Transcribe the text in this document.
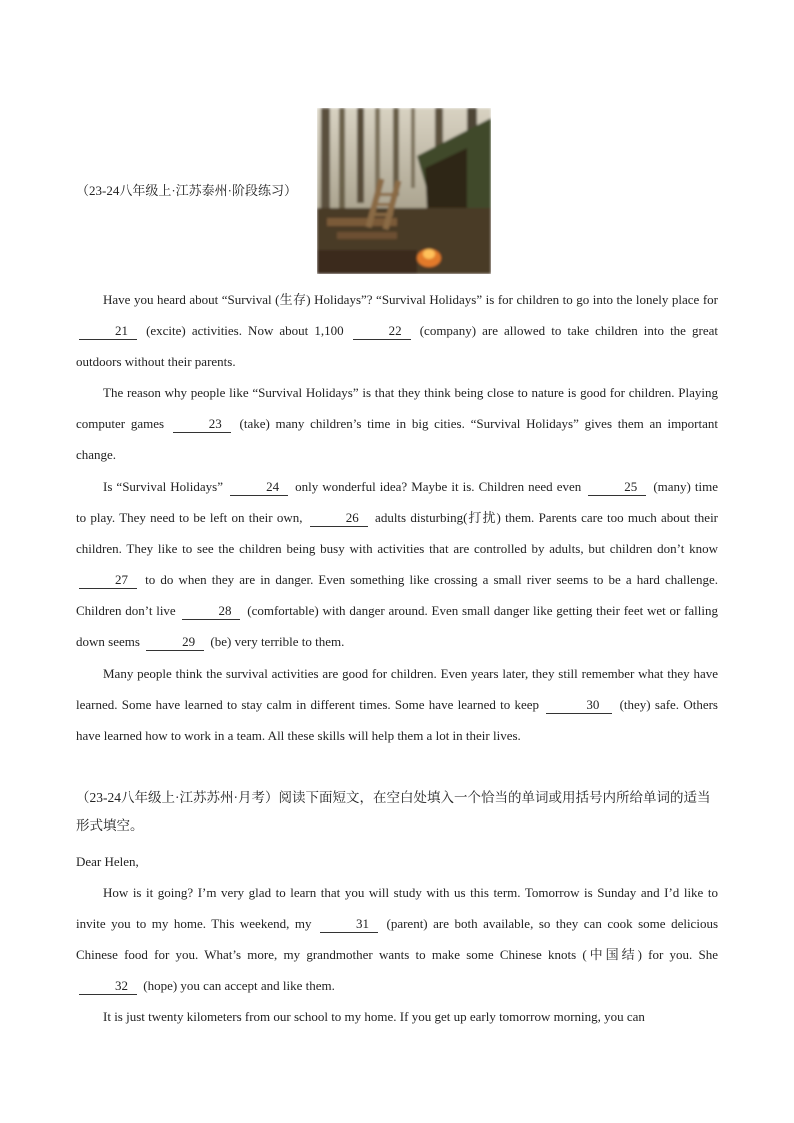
（23-24八年级上·江苏泰州·阶段练习）

Have you heard about “Survival (生存) Holidays”? “Survival Holidays” is for children to go into the lonely place for 21 (excite) activities. Now about 1,100	22 (company) are allowed to take children into the great outdoors without their parents.

The reason why people like “Survival Holidays” is that they think being close to nature is good for children. Playing computer games	23 (take) many children’s time in big cities. “Survival Holidays” gives them an important change.

Is “Survival Holidays”	24 only wonderful idea? Maybe it is. Children need even	25 (many) time to play. They need to be left on their own,	26 adults disturbing(打扰) them. Parents care too much about their children. They like to see the children being busy with activities that are controlled by adults, but children don’t know 27 to do when they are in danger. Even something like crossing a small river seems to be a hard challenge. Children don’t live	28 (comfortable) with danger around. Even small danger like getting their feet wet or falling down seems	29 (be) very terrible to them.

Many people think the survival activities are good for children. Even years later, they still remember what they have learned. Some have learned to stay calm in different times. Some have learned to keep	30 (they) safe. Others have learned how to work in a team. All these skills will help them a lot in their lives.

（23-24八年级上·江苏苏州·月考）阅读下面短文，在空白处填入一个恰当的单词或用括号内所给单词的适当形式填空。

Dear Helen,

How is it going? I’m very glad to learn that you will study with us this term. Tomorrow is Sunday and I’d like to invite you to my home. This weekend, my	31 (parent) are both available, so they can cook some delicious Chinese food for you. What’s more, my grandmother wants to make some Chinese knots (中国结) for you. She 32 (hope) you can accept and like them.

It is just twenty kilometers from our school to my home. If you get up early tomorrow morning, you can
